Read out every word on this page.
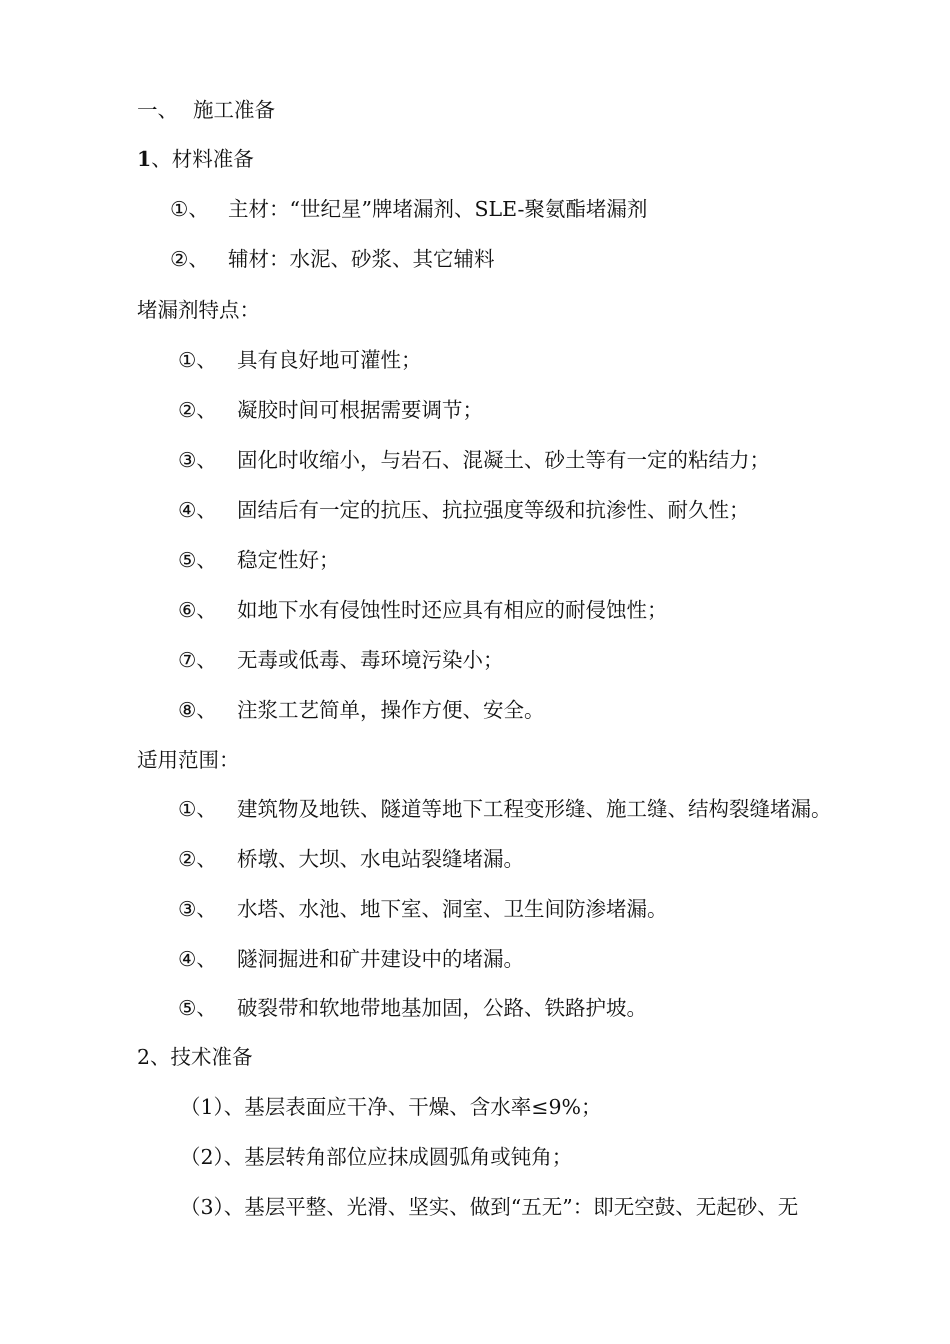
一、 施工准备
1、材料准备
①、 主材：“世纪星”牌堵漏剂、SLE-聚氨酯堵漏剂
②、 辅材：水泥、砂浆、其它辅料
堵漏剂特点：
①、 具有良好地可灌性；
②、 凝胶时间可根据需要调节；
③、 固化时收缩小，与岩石、混凝土、砂土等有一定的粘结力；
④、 固结后有一定的抗压、抗拉强度等级和抗渗性、耐久性；
⑤、 稳定性好；
⑥、 如地下水有侵蚀性时还应具有相应的耐侵蚀性；
⑦、 无毒或低毒、毒环境污染小；
⑧、 注浆工艺简单，操作方便、安全。
适用范围：
①、 建筑物及地铁、隧道等地下工程变形缝、施工缝、结构裂缝堵漏。
②、 桥墩、大坝、水电站裂缝堵漏。
③、 水塔、水池、地下室、洞室、卫生间防渗堵漏。
④、 隧洞掘进和矿井建设中的堵漏。
⑤、 破裂带和软地带地基加固，公路、铁路护坡。
2、技术准备
（1）、基层表面应干净、干燥、含水率≤9%；
（2）、基层转角部位应抹成圆弧角或钝角；
（3）、基层平整、光滑、坚实、做到“五无”：即无空鼓、无起砂、无
